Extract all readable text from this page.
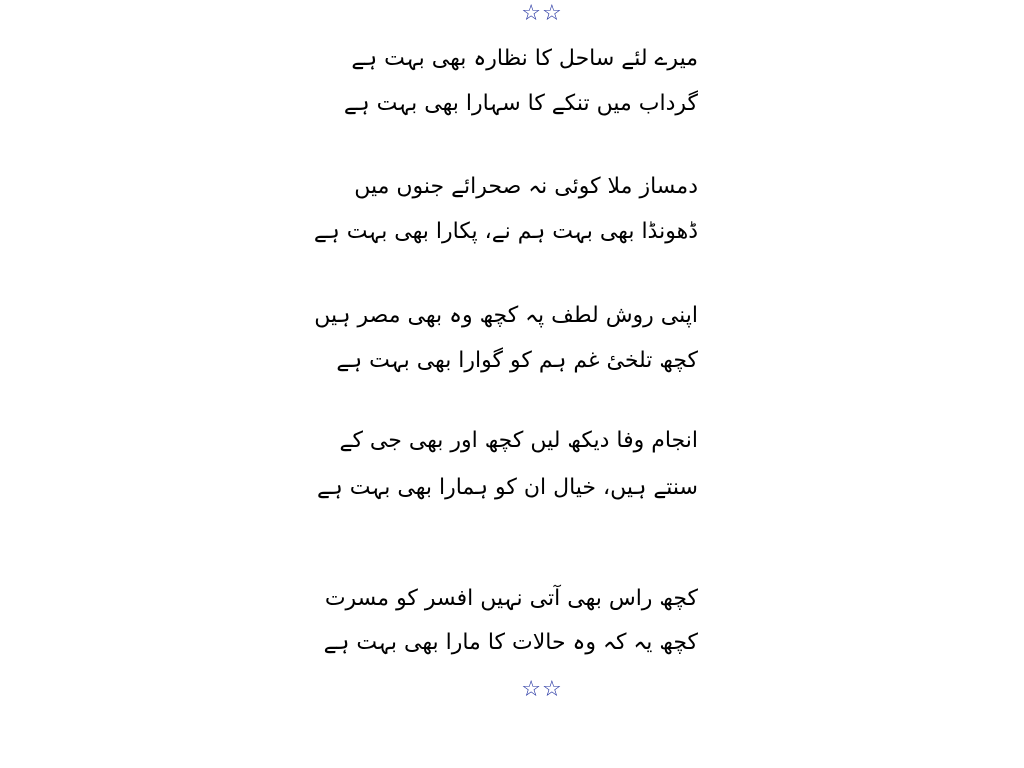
☆☆
میرے لئے ساحل کا نظارہ بھی بہت ہے
گرداب میں تنکے کا سہارا بھی بہت ہے
دمساز ملا کوئی نہ صحرائے جنوں میں
ڈھونڈا بھی بہت ہم نے، پکارا بھی بہت ہے
اپنی روش لطف پہ کچھ وہ بھی مصر ہیں
کچھ تلخیٔ غم ہم کو گوارا بھی بہت ہے
انجام وفا دیکھ لیں کچھ اور بھی جی کے
سنتے ہیں، خیال ان کو ہمارا بھی بہت ہے
کچھ راس بھی آتی نہیں افسر کو مسرت
کچھ یہ کہ وہ حالات کا مارا بھی بہت ہے
☆☆
